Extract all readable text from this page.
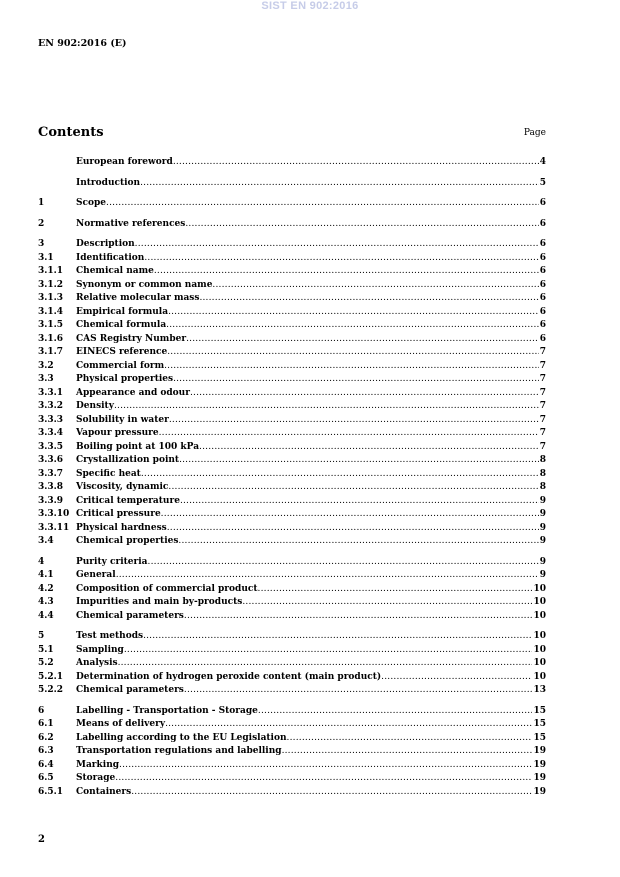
SIST EN 902:2016
EN 902:2016 (E)
Contents	Page
European foreword .....	4
Introduction .....	5
1	Scope .....	6
2	Normative references .....	6
3	Description .....	6
3.1	Identification .....	6
3.1.1	Chemical name .....	6
3.1.2	Synonym or common name .....	6
3.1.3	Relative molecular mass .....	6
3.1.4	Empirical formula .....	6
3.1.5	Chemical formula .....	6
3.1.6	CAS Registry Number .....	6
3.1.7	EINECS reference .....	7
3.2	Commercial form .....	7
3.3	Physical properties .....	7
3.3.1	Appearance and odour .....	7
3.3.2	Density .....	7
3.3.3	Solubility in water .....	7
3.3.4	Vapour pressure .....	7
3.3.5	Boiling point at 100 kPa .....	7
3.3.6	Crystallization point .....	8
3.3.7	Specific heat .....	8
3.3.8	Viscosity, dynamic .....	8
3.3.9	Critical temperature .....	9
3.3.10 Critical pressure .....	9
3.3.11 Physical hardness .....	9
3.4	Chemical properties .....	9
4	Purity criteria .....	9
4.1	General .....	9
4.2	Composition of commercial product .....	10
4.3	Impurities and main by-products .....	10
4.4	Chemical parameters .....	10
5	Test methods .....	10
5.1	Sampling .....	10
5.2	Analysis .....	10
5.2.1	Determination of hydrogen peroxide content (main product) .....	10
5.2.2	Chemical parameters .....	13
6	Labelling - Transportation - Storage .....	15
6.1	Means of delivery .....	15
6.2	Labelling according to the EU Legislation .....	15
6.3	Transportation regulations and labelling .....	19
6.4	Marking .....	19
6.5	Storage .....	19
6.5.1	Containers .....	19
2
